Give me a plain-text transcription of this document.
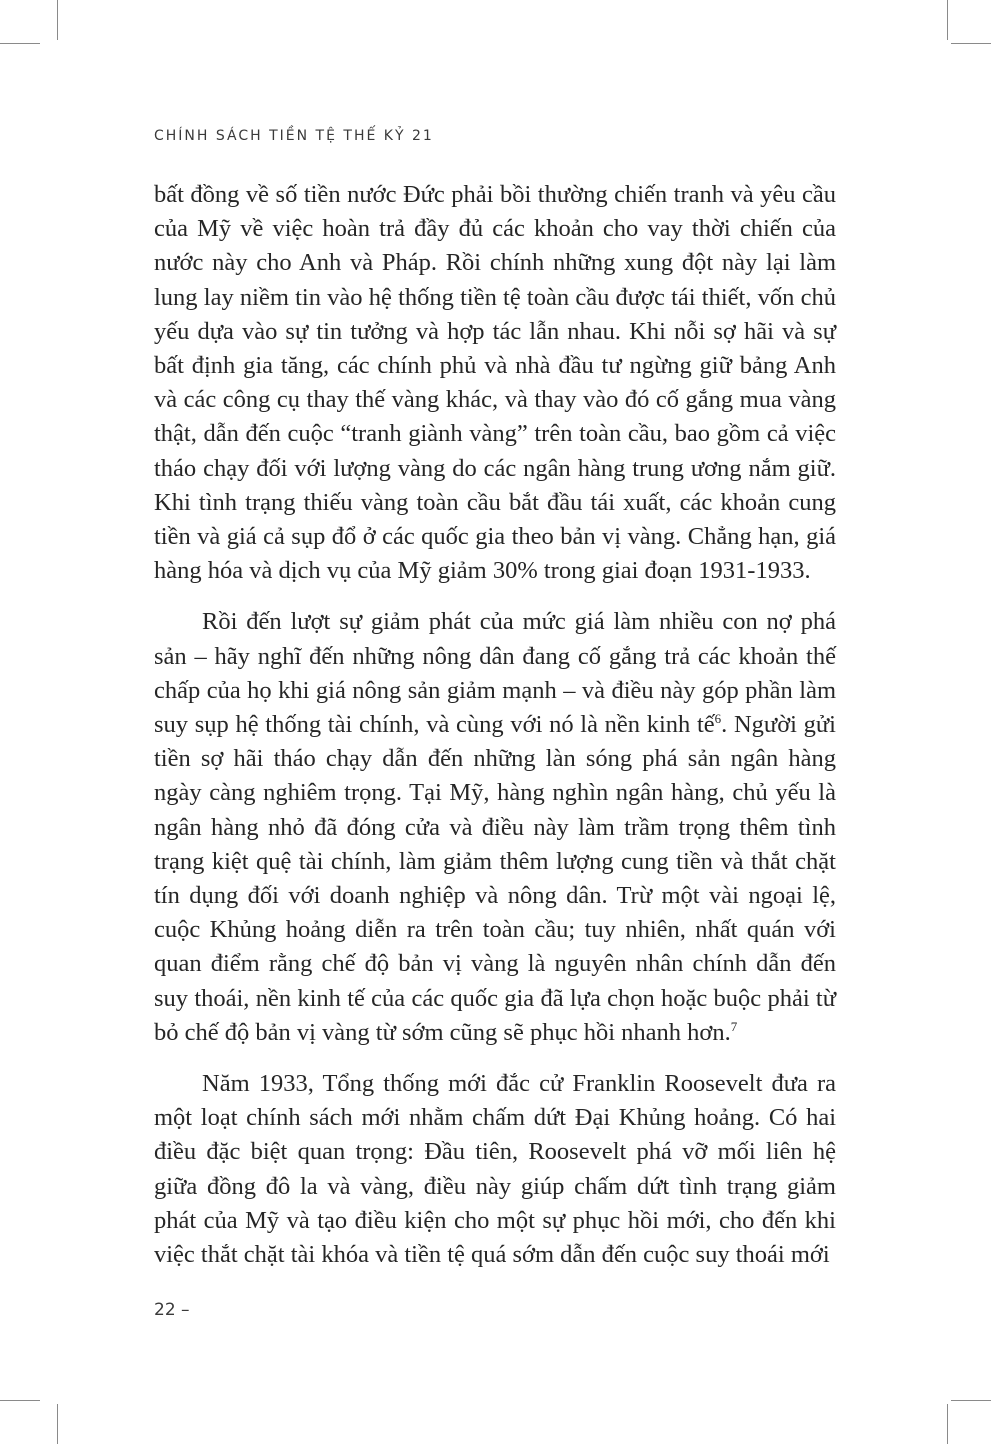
CHÍNH SÁCH TIỀN TỆ THẾ KỶ 21

bất đồng về số tiền nước Đức phải bồi thường chiến tranh và yêu cầu của Mỹ về việc hoàn trả đầy đủ các khoản cho vay thời chiến của nước này cho Anh và Pháp. Rồi chính những xung đột này lại làm lung lay niềm tin vào hệ thống tiền tệ toàn cầu được tái thiết, vốn chủ yếu dựa vào sự tin tưởng và hợp tác lẫn nhau. Khi nỗi sợ hãi và sự bất định gia tăng, các chính phủ và nhà đầu tư ngừng giữ bảng Anh và các công cụ thay thế vàng khác, và thay vào đó cố gắng mua vàng thật, dẫn đến cuộc “tranh giành vàng” trên toàn cầu, bao gồm cả việc tháo chạy đối với lượng vàng do các ngân hàng trung ương nắm giữ. Khi tình trạng thiếu vàng toàn cầu bắt đầu tái xuất, các khoản cung tiền và giá cả sụp đổ ở các quốc gia theo bản vị vàng. Chẳng hạn, giá hàng hóa và dịch vụ của Mỹ giảm 30% trong giai đoạn 1931-1933.

Rồi đến lượt sự giảm phát của mức giá làm nhiều con nợ phá sản – hãy nghĩ đến những nông dân đang cố gắng trả các khoản thế chấp của họ khi giá nông sản giảm mạnh – và điều này góp phần làm suy sụp hệ thống tài chính, và cùng với nó là nền kinh tế$^6$. Người gửi tiền sợ hãi tháo chạy dẫn đến những làn sóng phá sản ngân hàng ngày càng nghiêm trọng. Tại Mỹ, hàng nghìn ngân hàng, chủ yếu là ngân hàng nhỏ đã đóng cửa và điều này làm trầm trọng thêm tình trạng kiệt quệ tài chính, làm giảm thêm lượng cung tiền và thắt chặt tín dụng đối với doanh nghiệp và nông dân. Trừ một vài ngoại lệ, cuộc Khủng hoảng diễn ra trên toàn cầu; tuy nhiên, nhất quán với quan điểm rằng chế độ bản vị vàng là nguyên nhân chính dẫn đến suy thoái, nền kinh tế của các quốc gia đã lựa chọn hoặc buộc phải từ bỏ chế độ bản vị vàng từ sớm cũng sẽ phục hồi nhanh hơn.$^7$

Năm 1933, Tổng thống mới đắc cử Franklin Roosevelt đưa ra một loạt chính sách mới nhằm chấm dứt Đại Khủng hoảng. Có hai điều đặc biệt quan trọng: Đầu tiên, Roosevelt phá vỡ mối liên hệ giữa đồng đô la và vàng, điều này giúp chấm dứt tình trạng giảm phát của Mỹ và tạo điều kiện cho một sự phục hồi mới, cho đến khi việc thắt chặt tài khóa và tiền tệ quá sớm dẫn đến cuộc suy thoái mới

22 –
